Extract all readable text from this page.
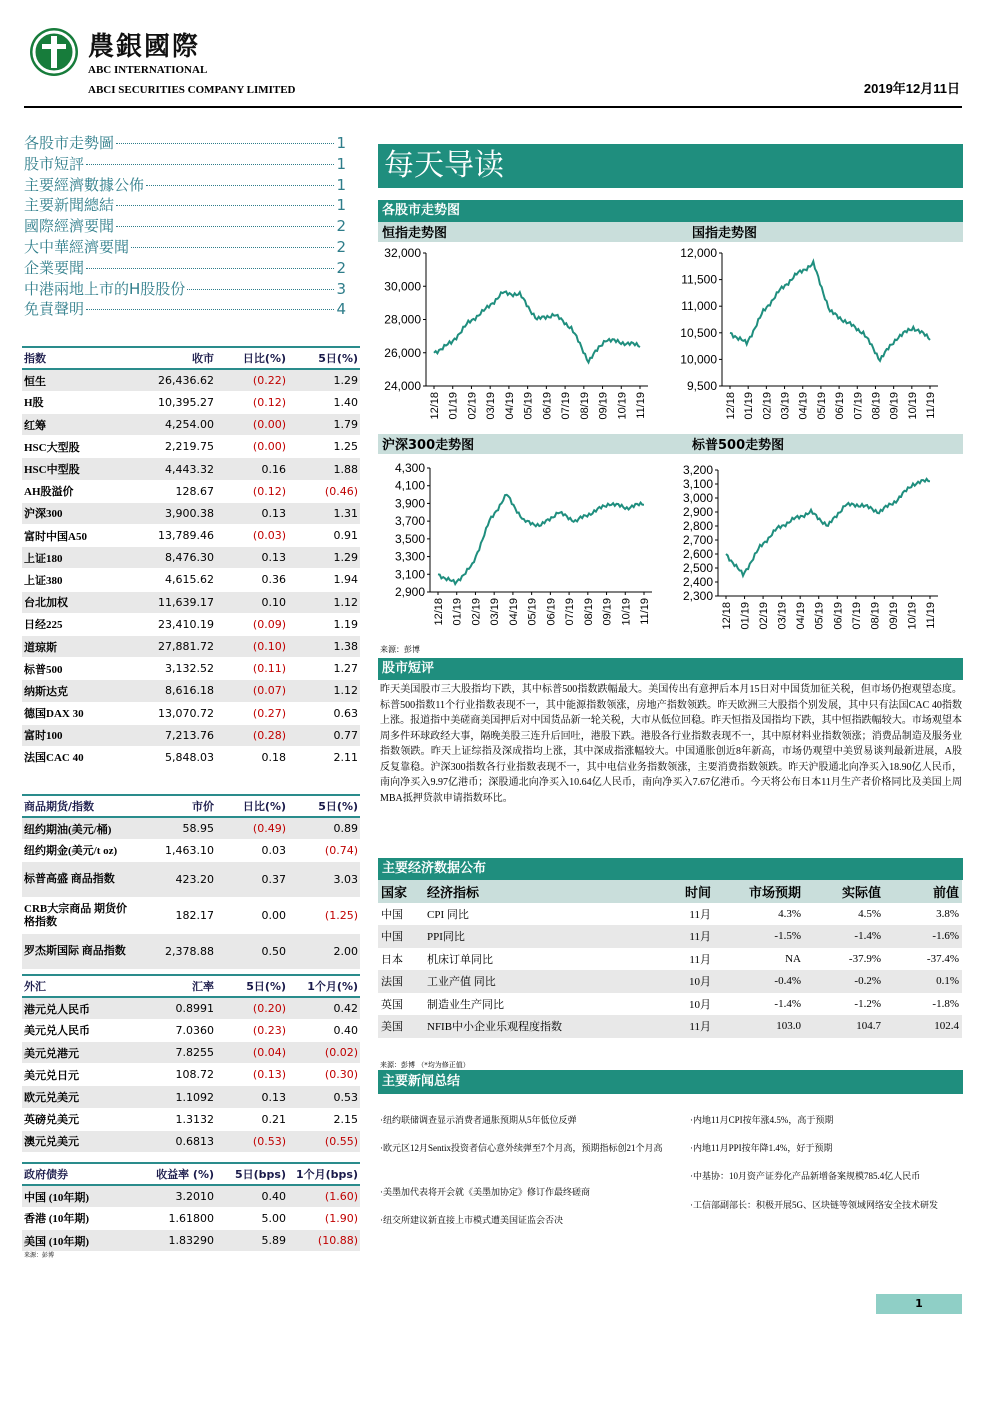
農銀國際
ABC INTERNATIONAL
ABCI SECURITIES COMPANY LIMITED	2019年12月11日
各股市走勢圖	1
股市短評	1
主要經濟數據公佈	1
主要新聞總結	1
國際經濟要聞	2
大中華經濟要聞	2
企業要聞	2
中港兩地上市的H股股份	3
免責聲明	4
指数	收市	日比(%)	5日(%)
恒生	26,436.62	(0.22)	1.29
H股	10,395.27	(0.12)	1.40
红筹	4,254.00	(0.00)	1.79
HSC大型股	2,219.75	(0.00)	1.25
HSC中型股	4,443.32	0.16	1.88
AH股溢价	128.67	(0.12)	(0.46)
沪深300	3,900.38	0.13	1.31
富时中国A50	13,789.46	(0.03)	0.91
上证180	8,476.30	0.13	1.29
上证380	4,615.62	0.36	1.94
台北加权	11,639.17	0.10	1.12
日经225	23,410.19	(0.09)	1.19
道琼斯	27,881.72	(0.10)	1.38
标普500	3,132.52	(0.11)	1.27
纳斯达克	8,616.18	(0.07)	1.12
德国DAX 30	13,070.72	(0.27)	0.63
富时100	7,213.76	(0.28)	0.77
法国CAC 40	5,848.03	0.18	2.11
商品期货/指数	市价	日比(%)	5日(%)
纽约期油(美元/桶)	58.95	(0.49)	0.89
纽约期金(美元/t oz)	1,463.10	0.03	(0.74)
标普高盛 商品指数	423.20	0.37	3.03
CRB大宗商品 期货价格指数	182.17	0.00	(1.25)
罗杰斯国际 商品指数	2,378.88	0.50	2.00
外汇	汇率	5日(%)	1个月(%)
港元兑人民币	0.8991	(0.20)	0.42
美元兑人民币	7.0360	(0.23)	0.40
美元兑港元	7.8255	(0.04)	(0.02)
美元兑日元	108.72	(0.13)	(0.30)
欧元兑美元	1.1092	0.13	0.53
英磅兑美元	1.3132	0.21	2.15
澳元兑美元	0.6813	(0.53)	(0.55)
政府债券	收益率 (%)	5日(bps)	1个月(bps)
中国 (10年期)	3.2010	0.40	(1.60)
香港 (10年期)	1.61800	5.00	(1.90)
美国 (10年期)	1.83290	5.89	(10.88)
来源：彭博
每天导读
各股市走势图
恒指走势图	国指走势图
沪深300走势图	标普500走势图
32,000
30,000
28,000
26,000
24,000
12/18 01/19 02/19 03/19 04/19 05/19 06/19 07/19 08/19 09/19 10/19 11/19
12,000
11,500
11,000
10,500
10,000
9,500
12/18 01/19 02/19 03/19 04/19 05/19 06/19 07/19 08/19 09/19 10/19 11/19
4,300
4,100
3,900
3,700
3,500
3,300
3,100
2,900
12/18 01/19 02/19 03/19 04/19 05/19 06/19 07/19 08/19 09/19 10/19 11/19
3,200
3,100
3,000
2,900
2,800
2,700
2,600
2,500
2,400
2,300
12/18 01/19 02/19 03/19 04/19 05/19 06/19 07/19 08/19 09/19 10/19 11/19
来源：彭博
股市短评
昨天美国股市三大股指均下跌，其中标普500指数跌幅最大。美国传出有意押后本月15日对中国货加征关税，但市场仍抱观望态度。标普500指数11个行业指数表现不一，其中能源指数领涨，房地产指数领跌。昨天欧洲三大股指个别发展，其中只有法国CAC 40指数上涨。报道指中美磋商美国押后对中国货品新一轮关税，大市从低位回稳。昨天恒指及国指均下跌，其中恒指跌幅较大。市场观望本周多件环球政经大事，隔晚美股三连升后回吐，港股下跌。港股各行业指数表现不一，其中原材料业指数领涨；消费品制造及服务业指数领跌。昨天上证综指及深成指均上涨，其中深成指涨幅较大。中国通胀创近8年新高，市场仍观望中美贸易谈判最新进展，A股反复靠稳。沪深300指数各行业指数表现不一，其中电信业务指数领涨，主要消费指数领跌。昨天沪股通北向净买入18.90亿人民币，南向净买入9.97亿港币；深股通北向净买入10.64亿人民币，南向净买入7.67亿港币。今天将公布日本11月生产者价格同比及美国上周MBA抵押贷款申请指数环比。
主要经济数据公布
国家	经济指标	时间	市场预期	实际值	前值
中国	CPI 同比	11月	4.3%	4.5%	3.8%
中国	PPI同比	11月	-1.5%	-1.4%	-1.6%
日本	机床订单同比	11月	NA	-37.9%	-37.4%
法国	工业产值 同比	10月	-0.4%	-0.2%	0.1%
英国	制造业生产同比	10月	-1.4%	-1.2%	-1.8%
美国	NFIB中小企业乐观程度指数	11月	103.0	104.7	102.4
来源：彭博 （*均为修正值）
主要新闻总结
·纽约联储调查显示消费者通胀预期从5年低位反弹
·欧元区12月Sentix投资者信心意外续弹至7个月高，预期指标创21个月高
·美墨加代表将开会就《美墨加协定》修订作最终磋商
·纽交所建议新直接上市模式遭美国证监会否决
·内地11月CPI按年涨4.5%，高于预期
·内地11月PPI按年降1.4%，好于预期
·中基协：10月资产证券化产品新增备案规模785.4亿人民币
·工信部副部长：积极开展5G、区块链等领域网络安全技术研发
1
